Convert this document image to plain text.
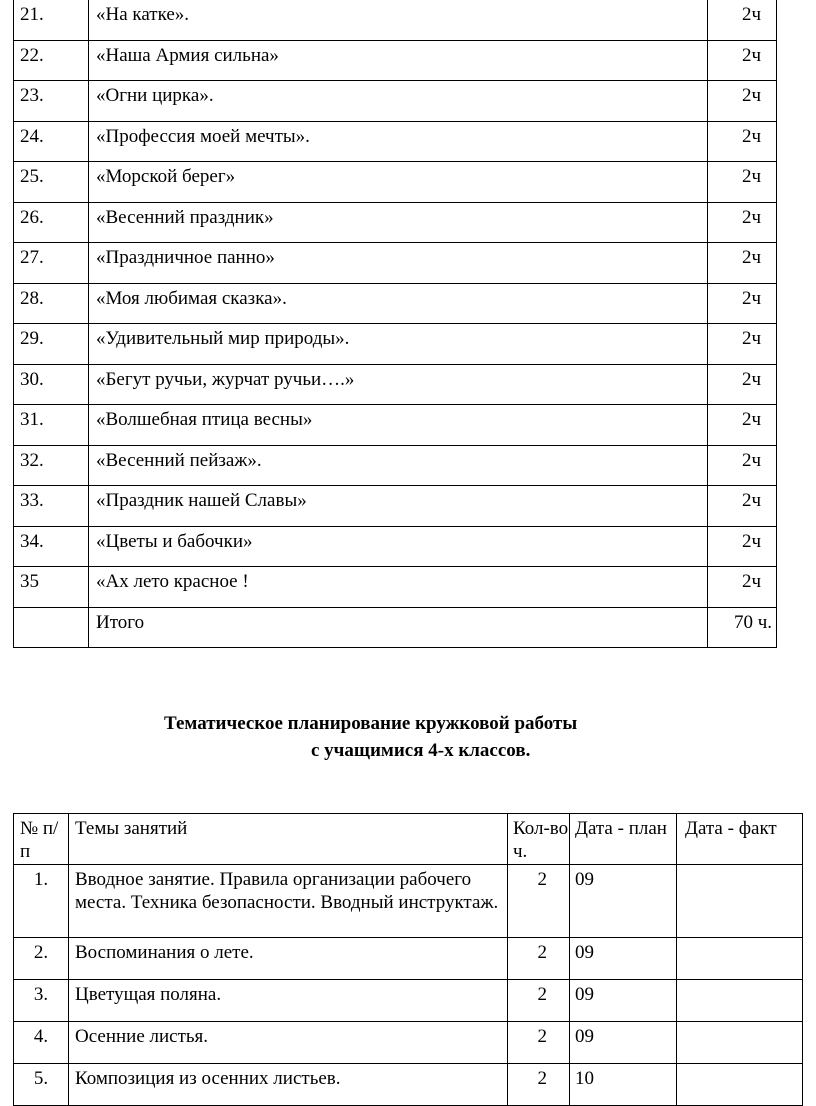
21.	«На катке».	2ч
22.	«Наша Армия сильна»	2ч
23.	«Огни цирка».	2ч
24.	«Профессия моей мечты».	2ч
25.	«Морской берег»	2ч
26.	«Весенний праздник»	2ч
27.	«Праздничное панно»	2ч
28.	«Моя любимая сказка».	2ч
29.	«Удивительный мир природы».	2ч
30.	«Бегут ручьи, журчат ручьи….»	2ч
31.	«Волшебная птица весны»	2ч
32.	«Весенний пейзаж».	2ч
33.	«Праздник нашей Славы»	2ч
34.	«Цветы и бабочки»	2ч
35	«Ах лето красное !	2ч
	Итого	70 ч.
Тематическое планирование кружковой работы
с учащимися 4-х классов.
№ п/п	Темы занятий	Кол-во ч.	Дата - план	Дата - факт
1.	Вводное занятие. Правила организации рабочего места. Техника безопасности. Вводный инструктаж.	2	09	
2.	Воспоминания о лете.	2	09	
3.	Цветущая поляна.	2	09	
4.	Осенние листья.	2	09	
5.	Композиция из осенних листьев.	2	10	
